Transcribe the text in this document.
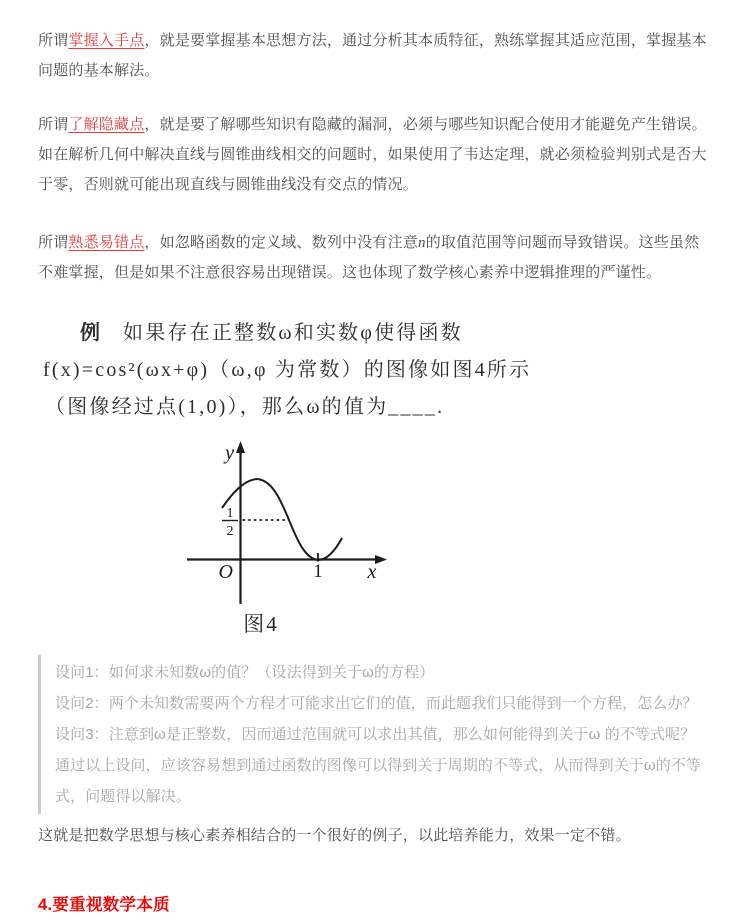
所谓掌握入手点，就是要掌握基本思想方法，通过分析其本质特征，熟练掌握其适应范围，掌握基本问题的基本解法。

所谓了解隐藏点，就是要了解哪些知识有隐藏的漏洞，必须与哪些知识配合使用才能避免产生错误。如在解析几何中解决直线与圆锥曲线相交的问题时，如果使用了韦达定理，就必须检验判别式是否大于零，否则就可能出现直线与圆锥曲线没有交点的情况。

所谓熟悉易错点，如忽略函数的定义域、数列中没有注意n的取值范围等问题而导致错误。这些虽然不难掌握，但是如果不注意很容易出现错误。这也体现了数学核心素养中逻辑推理的严谨性。

例 如果存在正整数ω和实数φ使得函数
f(x)=cos²(ωx+φ)（ω,φ 为常数）的图像如图4所示
（图像经过点(1,0)），那么ω的值为____.
1
2
y
x
O	1
图4

设问1：如何求未知数ω的值？（设法得到关于ω的方程）

设问2：两个未知数需要两个方程才可能求出它们的值，而此题我们只能得到一个方程，怎么办？

设问3：注意到ω是正整数，因而通过范围就可以求出其值，那么如何能得到关于ω 的不等式呢？

通过以上设问，应该容易想到通过函数的图像可以得到关于周期的不等式，从而得到关于ω的不等式，问题得以解决。

这就是把数学思想与核心素养相结合的一个很好的例子，以此培养能力，效果一定不错。

4.要重视数学本质
